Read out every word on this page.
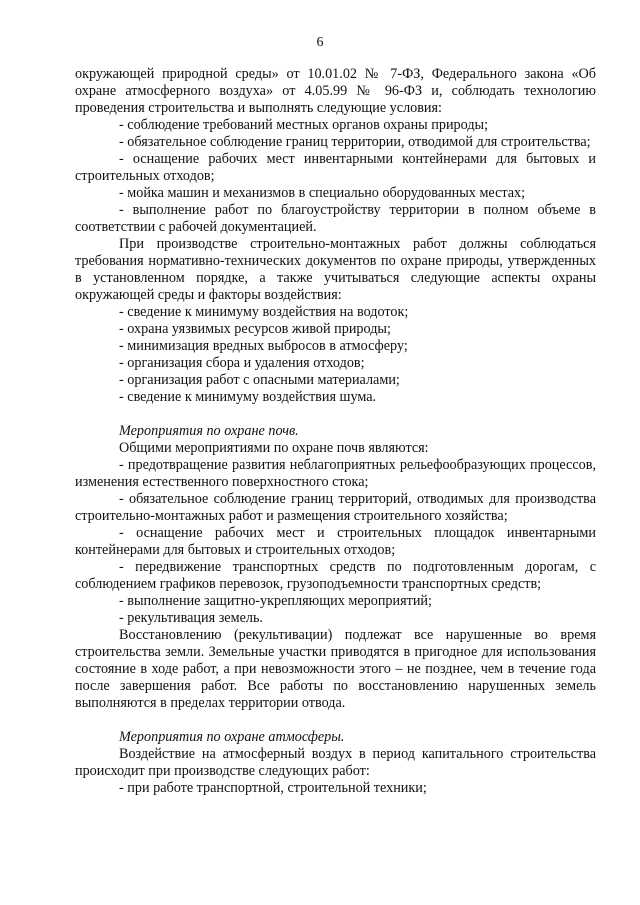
6

окружающей природной среды» от 10.01.02 № 7-ФЗ, Федерального закона «Об охране атмосферного воздуха» от 4.05.99 № 96-ФЗ и, соблюдать технологию проведения строительства и выполнять следующие условия:

- соблюдение требований местных органов охраны природы;

- обязательное соблюдение границ территории, отводимой для строительства;

- оснащение рабочих мест инвентарными контейнерами для бытовых и строительных отходов;

- мойка машин и механизмов в специально оборудованных местах;

- выполнение работ по благоустройству территории в полном объеме в соответствии с рабочей документацией.

При производстве строительно-монтажных работ должны соблюдаться требования нормативно-технических документов по охране природы, утвержденных в установленном порядке, а также учитываться следующие аспекты охраны окружающей среды и факторы воздействия:

- сведение к минимуму воздействия на водоток;

- охрана уязвимых ресурсов живой природы;

- минимизация вредных выбросов в атмосферу;

- организация сбора и удаления отходов;

- организация работ с опасными материалами;

- сведение к минимуму воздействия шума.

Мероприятия по охране почв.

Общими мероприятиями по охране почв являются:

- предотвращение развития неблагоприятных рельефообразующих процессов, изменения естественного поверхностного стока;

- обязательное соблюдение границ территорий, отводимых для производства строительно-монтажных работ и размещения строительного хозяйства;

- оснащение рабочих мест и строительных площадок инвентарными контейнерами для бытовых и строительных отходов;

- передвижение транспортных средств по подготовленным дорогам, с соблюдением графиков перевозок, грузоподъемности транспортных средств;

- выполнение защитно-укрепляющих мероприятий;

- рекультивация земель.

Восстановлению (рекультивации) подлежат все нарушенные во время строительства земли. Земельные участки приводятся в пригодное для использования состояние в ходе работ, а при невозможности этого – не позднее, чем в течение года после завершения работ. Все работы по восстановлению нарушенных земель выполняются в пределах территории отвода.

Мероприятия по охране атмосферы.

Воздействие на атмосферный воздух в период капитального строительства происходит при производстве следующих работ:

- при работе транспортной, строительной техники;
